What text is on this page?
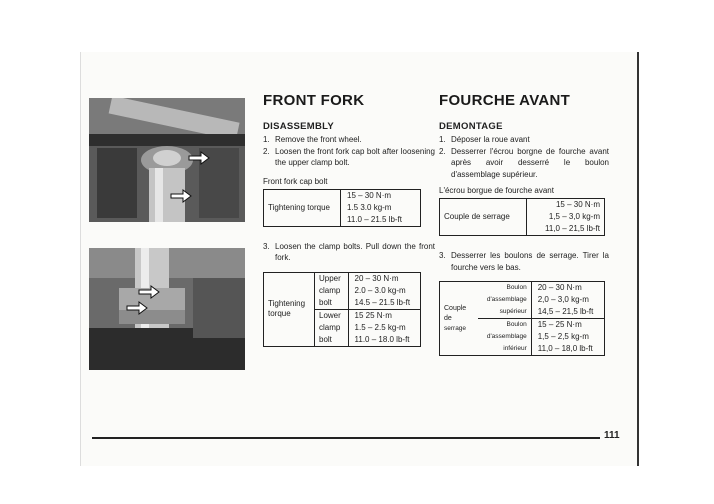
FRONT FORK
DISASSEMBLY
1. Remove the front wheel.
2. Loosen the front fork cap bolt after loosening the upper clamp bolt.
Front fork cap bolt
Tightening torque	15 – 30 N·m
1.5 3.0 kg-m
11.0 – 21.5 lb-ft
3. Loosen the clamp bolts. Pull down the front fork.
Tightening torque	Upper	20 – 30 N·m
	clamp	2.0 – 3.0 kg-m
	bolt	14.5 – 21.5 lb-ft
	Lower	15 25 N·m
	clamp	1.5 – 2.5 kg-m
	bolt	11.0 – 18.0 lb-ft
FOURCHE AVANT
DEMONTAGE
1. Déposer la roue avant
2. Desserrer l'écrou borgne de fourche avant après avoir desserré le boulon d'assemblage supérieur.
L'écrou borgue de fourche avant
Couple de serrage	15 – 30 N·m
1,5 – 3,0 kg-m
11,0 – 21,5 lb-ft
3. Desserrer les boulons de serrage. Tirer la fourche vers le bas.
Couple de
serrage	Boulon	20 – 30 N·m
	d'assemblage	2,0 – 3,0 kg-m
	supérieur	14,5 – 21,5 lb-ft
	Boulon	15 – 25 N·m
	d'assemblage	1,5 – 2,5 kg-m
	inférieur	11,0 – 18,0 lb-ft
111
